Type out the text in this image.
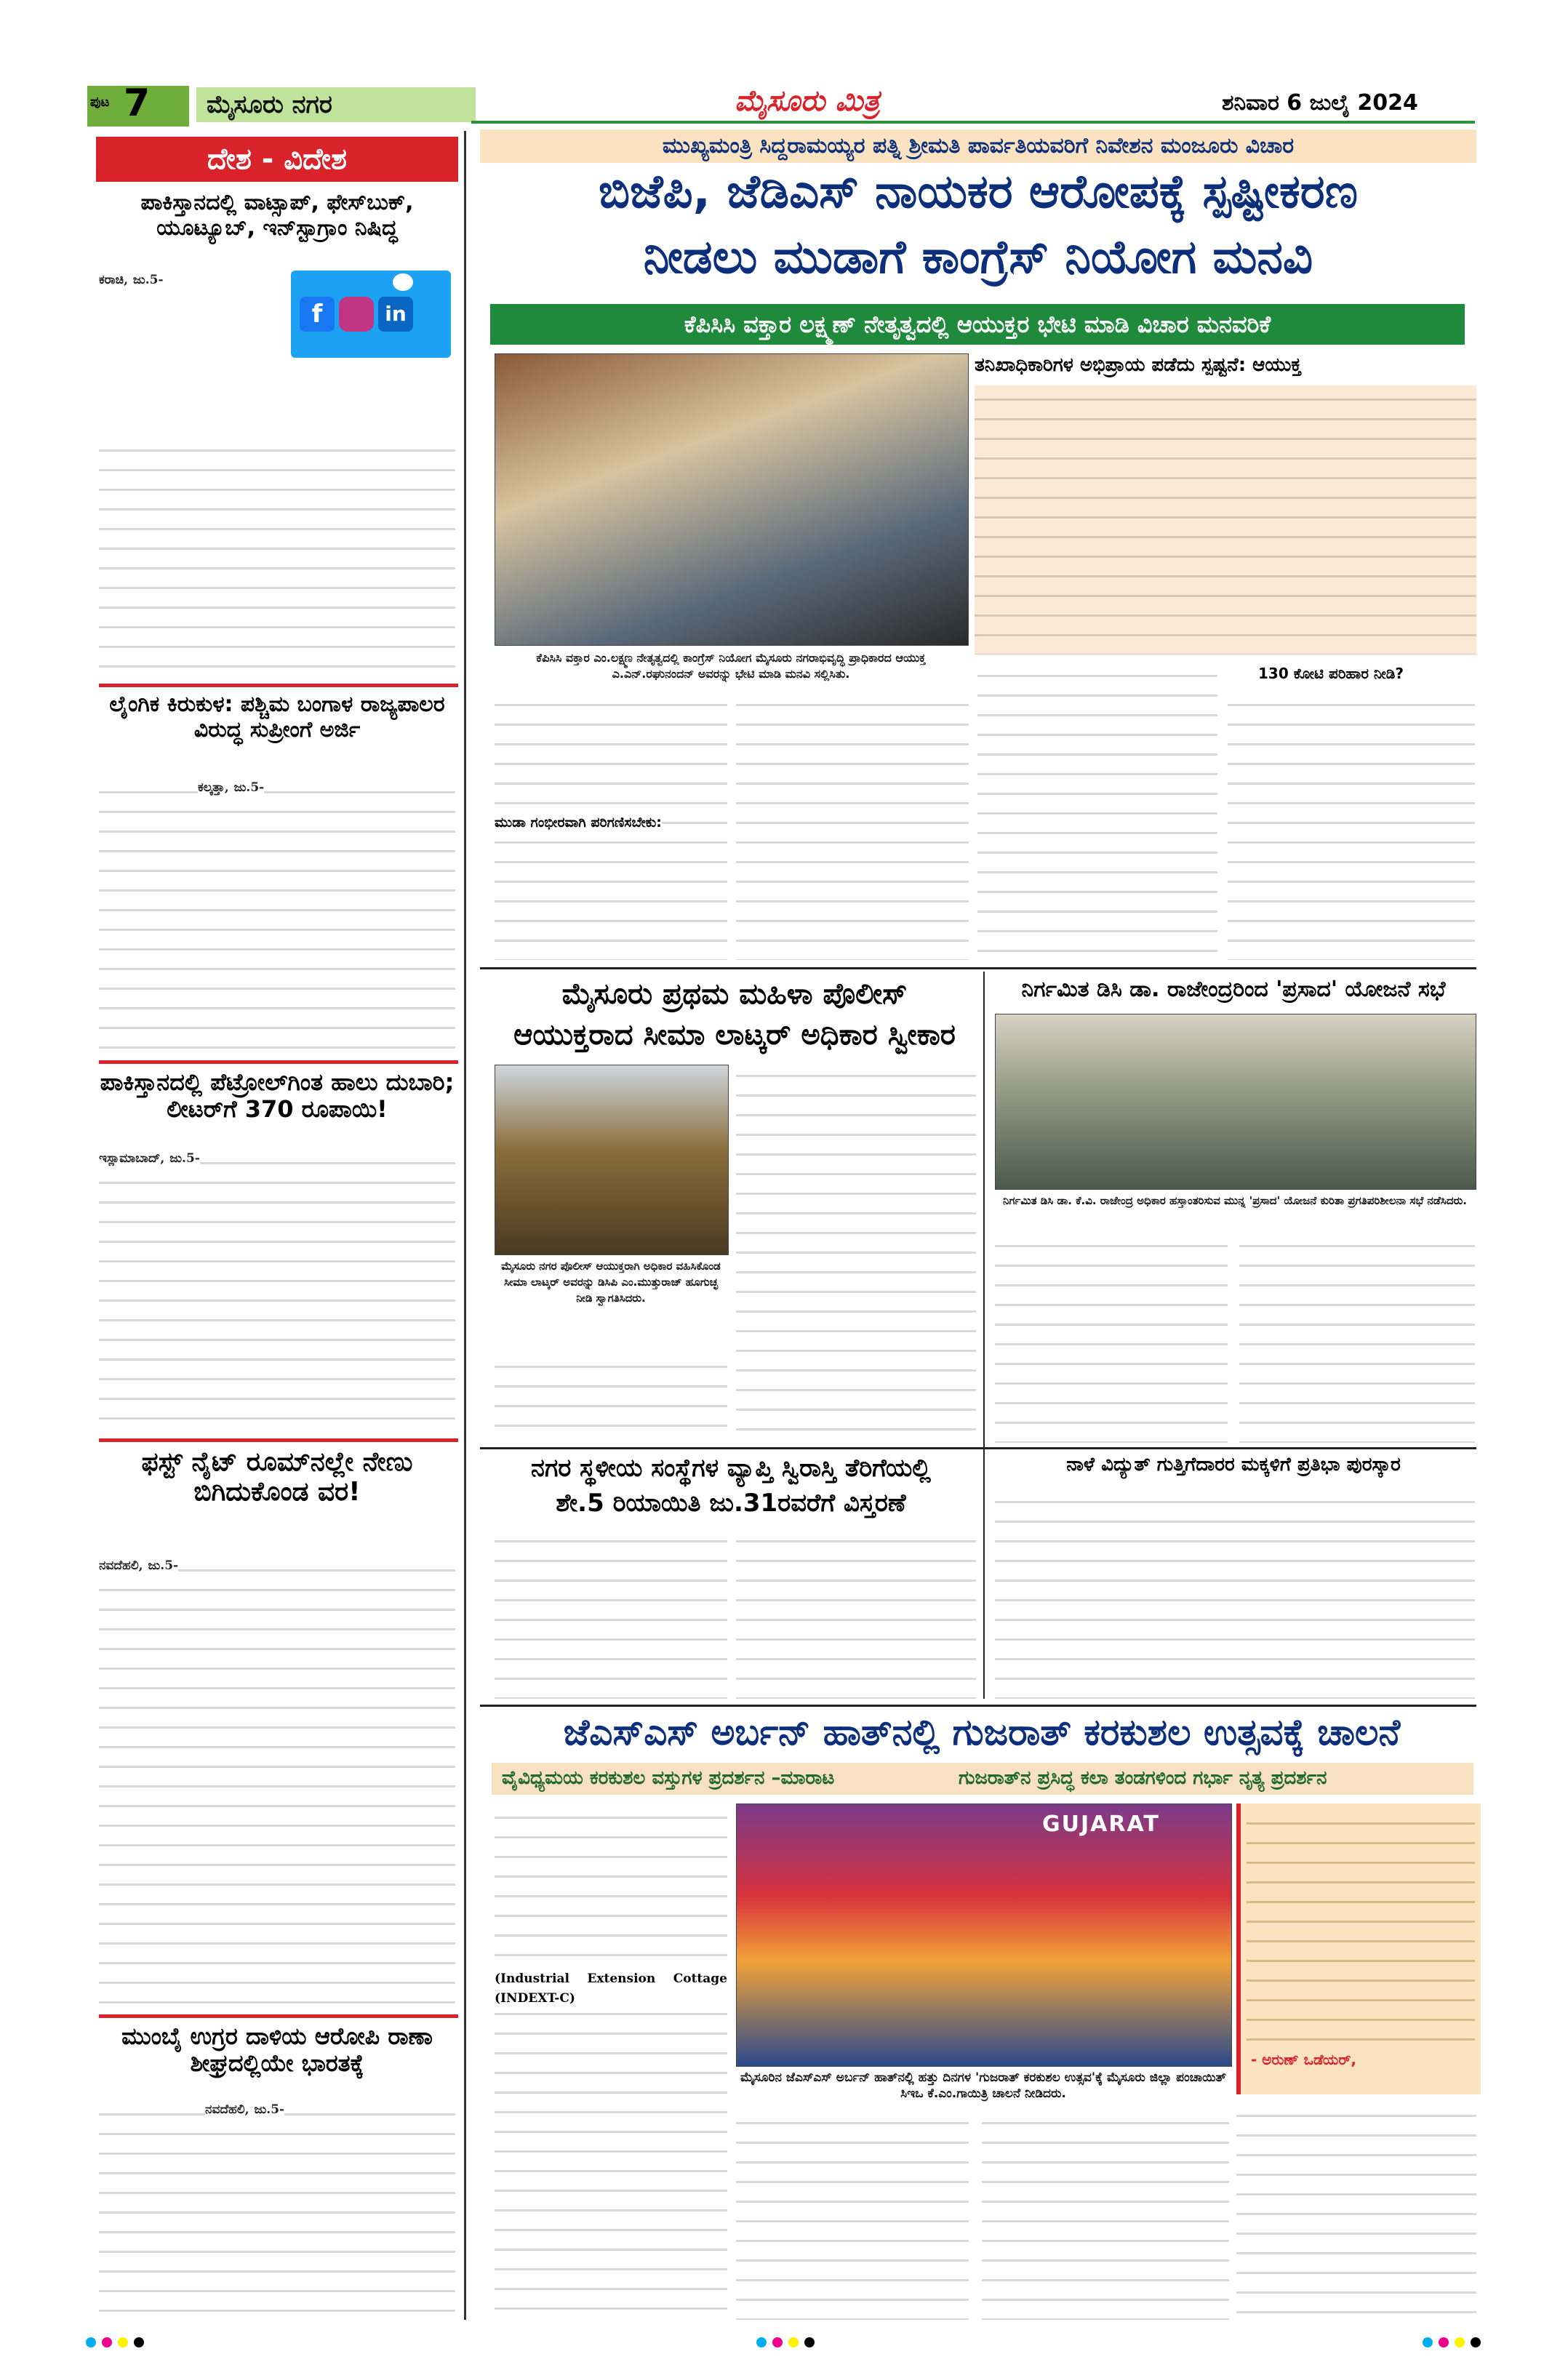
ಪುಟ 7	ಮೈಸೂರು ನಗರ	ಮೈಸೂರು ಮಿತ್ರ	ಶನಿವಾರ 6 ಜುಲೈ 2024
ದೇಶ - ವಿದೇಶ
ಪಾಕಿಸ್ತಾನದಲ್ಲಿ ವಾಟ್ಸಾಪ್, ಫೇಸ್‌ಬುಕ್, ಯೂಟ್ಯೂಬ್, ಇನ್‌ಸ್ಟಾಗ್ರಾಂ ನಿಷಿದ್ಧ
f	in
ಕರಾಚಿ, ಜು.5-
ಲೈಂಗಿಕ ಕಿರುಕುಳ: ಪಶ್ಚಿಮ ಬಂಗಾಳ ರಾಜ್ಯಪಾಲರ ವಿರುದ್ಧ ಸುಪ್ರೀಂಗೆ ಅರ್ಜಿ
ಕಲ್ಕತ್ತಾ, ಜು.5-
ಪಾಕಿಸ್ತಾನದಲ್ಲಿ ಪೆಟ್ರೋಲ್‌ಗಿಂತ ಹಾಲು ದುಬಾರಿ; ಲೀಟರ್‌ಗೆ 370 ರೂಪಾಯಿ!
ಇಸ್ಲಾಮಾಬಾದ್, ಜು.5-
ಫಸ್ಟ್ ನೈಟ್ ರೂಮ್‌ನಲ್ಲೇ ನೇಣು ಬಿಗಿದುಕೊಂಡ ವರ!
ನವದೆಹಲಿ, ಜು.5-
ಮುಂಬೈ ಉಗ್ರರ ದಾಳಿಯ ಆರೋಪಿ ರಾಣಾ ಶೀಘ್ರದಲ್ಲಿಯೇ ಭಾರತಕ್ಕೆ
ನವದೆಹಲಿ, ಜು.5-
ಮುಖ್ಯಮಂತ್ರಿ ಸಿದ್ದರಾಮಯ್ಯರ ಪತ್ನಿ ಶ್ರೀಮತಿ ಪಾರ್ವತಿಯವರಿಗೆ ನಿವೇಶನ ಮಂಜೂರು ವಿಚಾರ
ಬಿಜೆಪಿ, ಜೆಡಿಎಸ್ ನಾಯಕರ ಆರೋಪಕ್ಕೆ ಸ್ಪಷ್ಟೀಕರಣ
ನೀಡಲು ಮುಡಾಗೆ ಕಾಂಗ್ರೆಸ್ ನಿಯೋಗ ಮನವಿ
ಕೆಪಿಸಿಸಿ ವಕ್ತಾರ ಲಕ್ಷ್ಮಣ್ ನೇತೃತ್ವದಲ್ಲಿ ಆಯುಕ್ತರ ಭೇಟಿ ಮಾಡಿ ವಿಚಾರ ಮನವರಿಕೆ
ಕೆಪಿಸಿಸಿ ವಕ್ತಾರ ಎಂ.ಲಕ್ಷ್ಮಣ ನೇತೃತ್ವದಲ್ಲಿ ಕಾಂಗ್ರೆಸ್ ನಿಯೋಗ ಮೈಸೂರು ನಗರಾಭಿವೃದ್ಧಿ ಪ್ರಾಧಿಕಾರದ ಆಯುಕ್ತ ಎ.ಎನ್.ರಘುನಂದನ್ ಅವರನ್ನು ಭೇಟಿ ಮಾಡಿ ಮನವಿ ಸಲ್ಲಿಸಿತು.
ತನಿಖಾಧಿಕಾರಿಗಳ ಅಭಿಪ್ರಾಯ ಪಡೆದು ಸ್ಪಷ್ಟನೆ: ಆಯುಕ್ತ
ಮುಡಾ ಗಂಭೀರವಾಗಿ ಪರಿಗಣಿಸಬೇಕು:
130 ಕೋಟಿ ಪರಿಹಾರ ನೀಡಿ?
ಮೈಸೂರು ಪ್ರಥಮ ಮಹಿಳಾ ಪೊಲೀಸ್
ಆಯುಕ್ತರಾದ ಸೀಮಾ ಲಾಟ್ಕರ್ ಅಧಿಕಾರ ಸ್ವೀಕಾರ
ಮೈಸೂರು ನಗರ ಪೊಲೀಸ್ ಆಯುಕ್ತರಾಗಿ ಅಧಿಕಾರ ವಹಿಸಿಕೊಂಡ ಸೀಮಾ ಲಾಟ್ಕರ್ ಅವರನ್ನು ಡಿಸಿಪಿ ಎಂ.ಮುತ್ತುರಾಜ್ ಹೂಗುಚ್ಛ ನೀಡಿ ಸ್ವಾಗತಿಸಿದರು.
ನಿರ್ಗಮಿತ ಡಿಸಿ ಡಾ. ರಾಜೇಂದ್ರರಿಂದ 'ಪ್ರಸಾದ' ಯೋಜನೆ ಸಭೆ
ನಿರ್ಗಮಿತ ಡಿಸಿ ಡಾ. ಕೆ.ವಿ. ರಾಜೇಂದ್ರ ಅಧಿಕಾರ ಹಸ್ತಾಂತರಿಸುವ ಮುನ್ನ 'ಪ್ರಸಾದ' ಯೋಜನೆ ಕುರಿತಾ ಪ್ರಗತಿಪರಿಶೀಲನಾ ಸಭೆ ನಡೆಸಿದರು.
ನಗರ ಸ್ಥಳೀಯ ಸಂಸ್ಥೆಗಳ ವ್ಯಾಪ್ತಿ ಸ್ವಿರಾಸ್ತಿ ತೆರಿಗೆಯಲ್ಲಿ
ಶೇ.5 ರಿಯಾಯಿತಿ ಜು.31ರವರೆಗೆ ವಿಸ್ತರಣೆ
ನಾಳೆ ವಿದ್ಯುತ್ ಗುತ್ತಿಗೆದಾರರ ಮಕ್ಕಳಿಗೆ ಪ್ರತಿಭಾ ಪುರಸ್ಕಾರ
ಜೆಎಸ್‌ಎಸ್ ಅರ್ಬನ್ ಹಾತ್‌ನಲ್ಲಿ ಗುಜರಾತ್ ಕರಕುಶಲ ಉತ್ಸವಕ್ಕೆ ಚಾಲನೆ
ವೈವಿಧ್ಯಮಯ ಕರಕುಶಲ ವಸ್ತುಗಳ ಪ್ರದರ್ಶನ –ಮಾರಾಟ	ಗುಜರಾತ್‌ನ ಪ್ರಸಿದ್ಧ ಕಲಾ ತಂಡಗಳಿಂದ ಗರ್ಭಾ ನೃತ್ಯ ಪ್ರದರ್ಶನ
(Industrial Extension Cottage (INDEXT-C)
GUJARAT
ಮೈಸೂರಿನ ಜೆಎಸ್‌ಎಸ್ ಅರ್ಬನ್ ಹಾತ್‌ನಲ್ಲಿ ಹತ್ತು ದಿನಗಳ 'ಗುಜರಾತ್ ಕರಕುಶಲ ಉತ್ಸವ'ಕ್ಕೆ ಮೈಸೂರು ಜಿಲ್ಲಾ ಪಂಚಾಯಿತ್ ಸಿಇಒ ಕೆ.ಎಂ.ಗಾಯಿತ್ರಿ ಚಾಲನೆ ನೀಡಿದರು.
- ಅರುಣ್ ಒಡೆಯರ್,
